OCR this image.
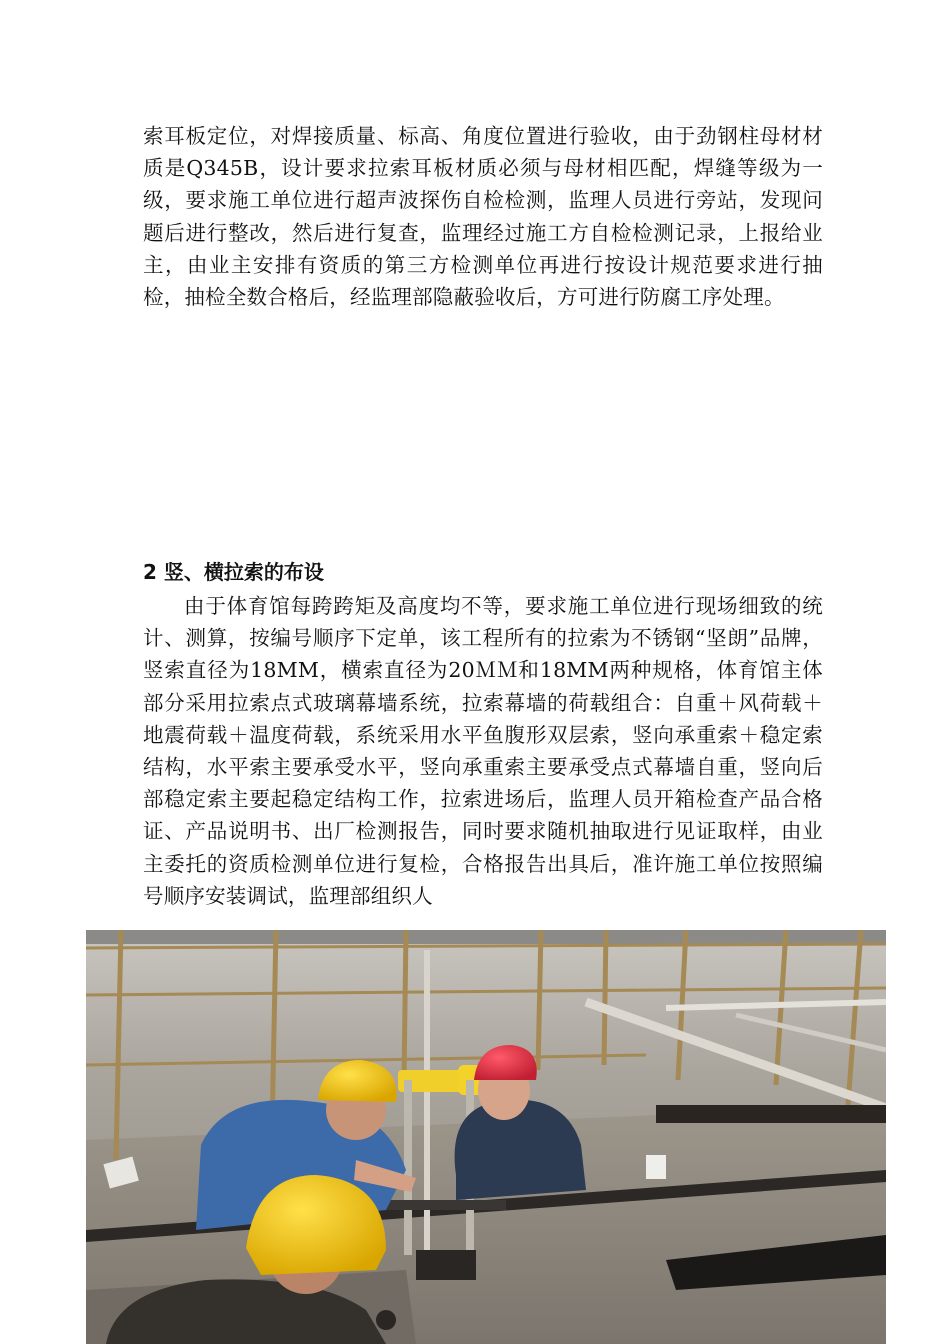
索耳板定位，对焊接质量、标高、角度位置进行验收，由于劲钢柱母材材质是Q345B，设计要求拉索耳板材质必须与母材相匹配，焊缝等级为一级，要求施工单位进行超声波探伤自检检测，监理人员进行旁站，发现问题后进行整改，然后进行复查，监理经过施工方自检检测记录，上报给业主，由业主安排有资质的第三方检测单位再进行按设计规范要求进行抽检，抽检全数合格后，经监理部隐蔽验收后，方可进行防腐工序处理。

2 竖、横拉索的布设

由于体育馆每跨跨矩及高度均不等，要求施工单位进行现场细致的统计、测算，按编号顺序下定单，该工程所有的拉索为不锈钢“坚朗”品牌，竖索直径为18MM，横索直径为20ＭＭ和18MM两种规格，体育馆主体部分采用拉索点式玻璃幕墙系统，拉索幕墙的荷载组合：自重＋风荷载＋地震荷载＋温度荷载，系统采用水平鱼腹形双层索，竖向承重索＋稳定索结构，水平索主要承受水平，竖向承重索主要承受点式幕墙自重，竖向后部稳定索主要起稳定结构工作，拉索进场后，监理人员开箱检查产品合格证、产品说明书、出厂检测报告，同时要求随机抽取进行见证取样，由业主委托的资质检测单位进行复检，合格报告出具后，准许施工单位按照编号顺序安装调试，监理部组织人
